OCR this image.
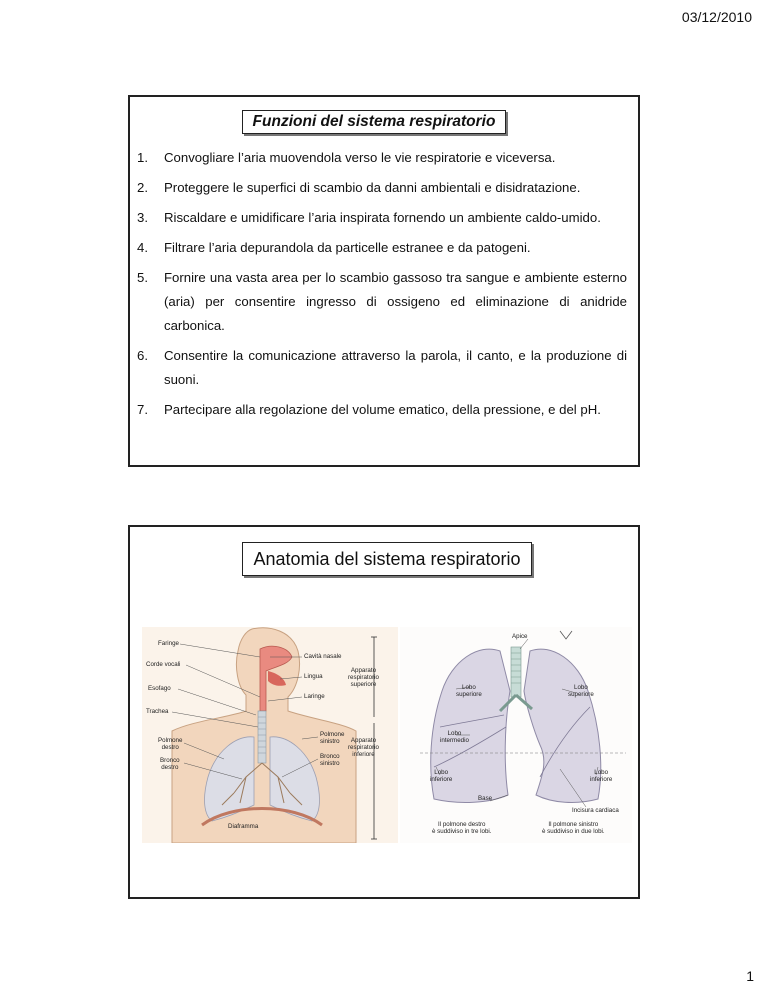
03/12/2010
Funzioni del sistema respiratorio
1. Convogliare l’aria muovendola verso le vie respiratorie e viceversa.
2. Proteggere le superfici di scambio da danni ambientali e disidratazione.
3. Riscaldare e umidificare l’aria inspirata fornendo un ambiente caldo-umido.
4. Filtrare l’aria depurandola da particelle estranee e da patogeni.
5. Fornire una vasta area per lo scambio gassoso tra sangue e ambiente esterno (aria) per consentire ingresso di ossigeno ed eliminazione di anidride carbonica.
6. Consentire la comunicazione attraverso la parola, il canto, e la produzione di suoni.
7. Partecipare alla regolazione del volume ematico, della pressione, e del pH.
Anatomia del sistema respiratorio
Faringe
Corde vocali
Esofago
Trachea
Polmone
destro
Bronco
destro
Diaframma
Cavità nasale
Lingua
Laringe
Polmone
sinistro
Bronco
sinistro
Apparato
respiratorio
superiore
Apparato
respiratorio
inferiore
Apice
Lobo
superiore
Lobo
superiore
Lobo
intermedio
Lobo
inferiore
Lobo
inferiore
Base
Incisura cardiaca
Il polmone destro
è suddiviso in tre lobi.
Il polmone sinistro
è suddiviso in due lobi.
1
